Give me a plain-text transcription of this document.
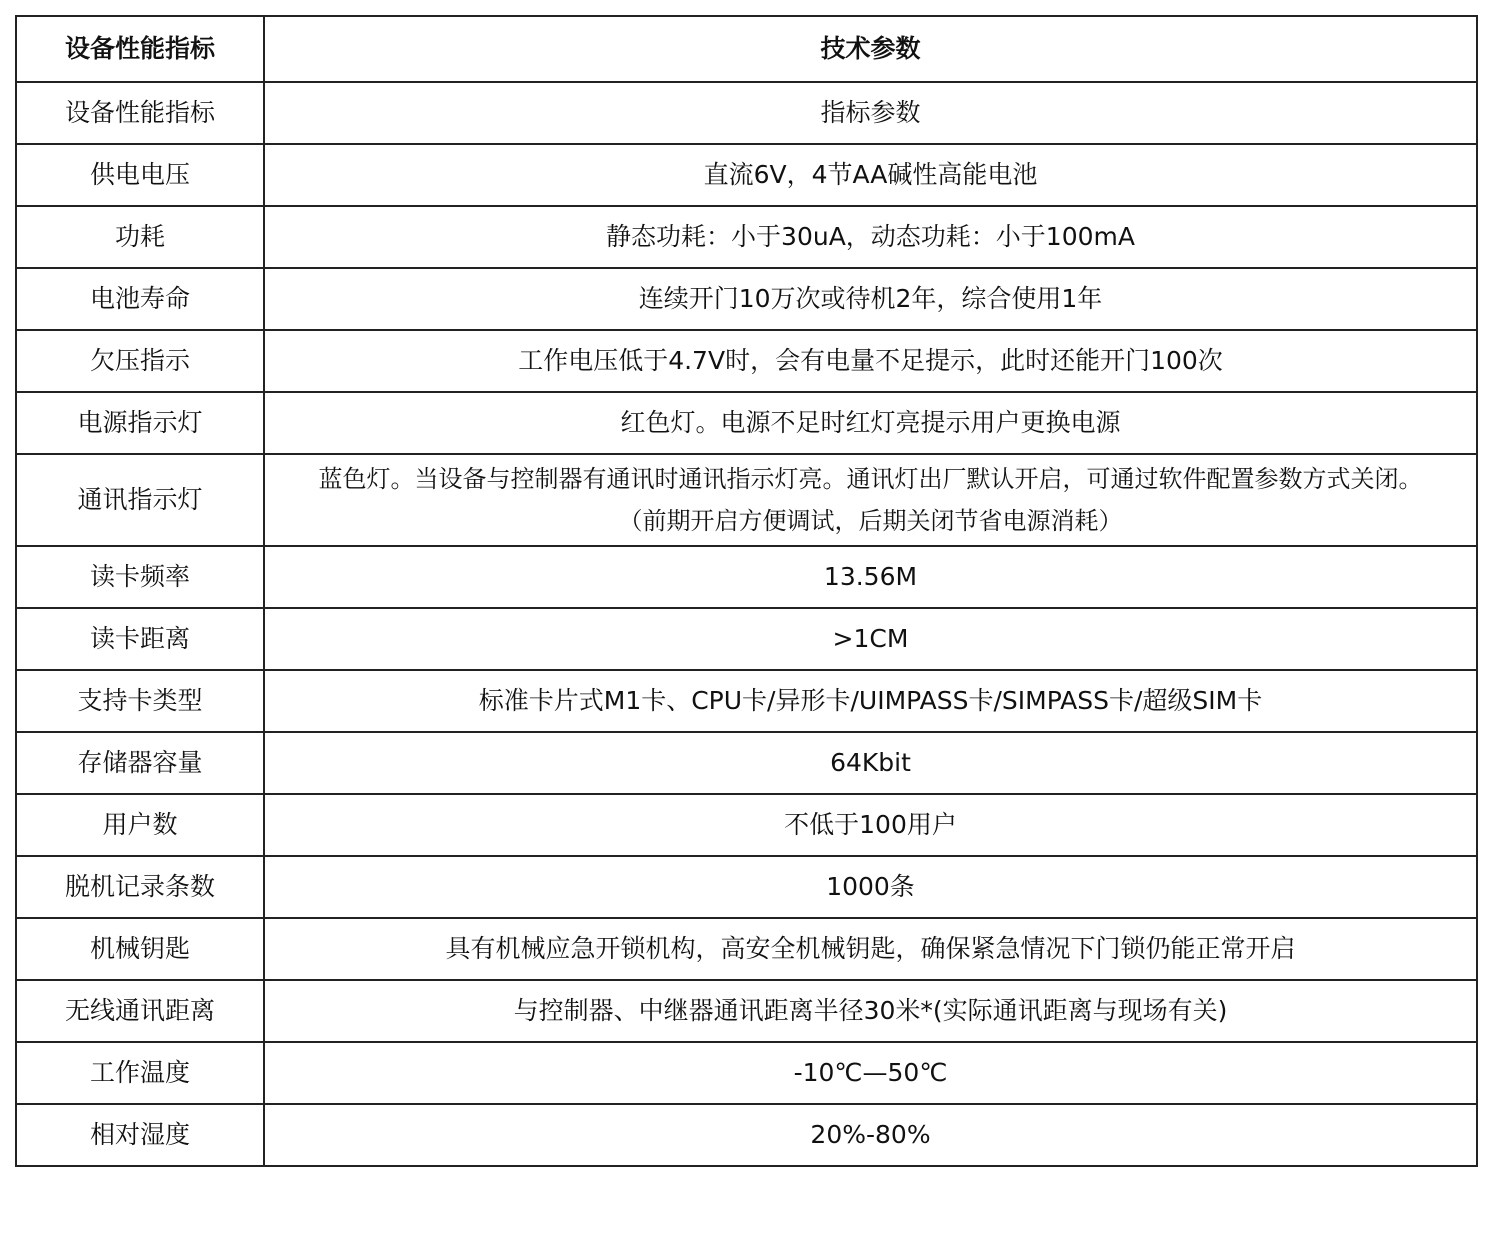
设备性能指标	技术参数
设备性能指标	指标参数
供电电压	直流6V，4节AA碱性高能电池
功耗	静态功耗：小于30uA，动态功耗：小于100mA
电池寿命	连续开门10万次或待机2年，综合使用1年
欠压指示	工作电压低于4.7V时，会有电量不足提示，此时还能开门100次
电源指示灯	红色灯。电源不足时红灯亮提示用户更换电源
通讯指示灯	蓝色灯。当设备与控制器有通讯时通讯指示灯亮。通讯灯出厂默认开启，可通过软件配置参数方式关闭。
（前期开启方便调试，后期关闭节省电源消耗）

读卡频率	13.56M
读卡距离	>1CM
支持卡类型	标准卡片式M1卡、CPU卡/异形卡/UIMPASS卡/SIMPASS卡/超级SIM卡
存储器容量	64Kbit
用户数	不低于100用户
脱机记录条数	1000条
机械钥匙	具有机械应急开锁机构，高安全机械钥匙，确保紧急情况下门锁仍能正常开启
无线通讯距离	与控制器、中继器通讯距离半径30米*(实际通讯距离与现场有关)
工作温度	-10℃—50℃
相对湿度	20%-80%
